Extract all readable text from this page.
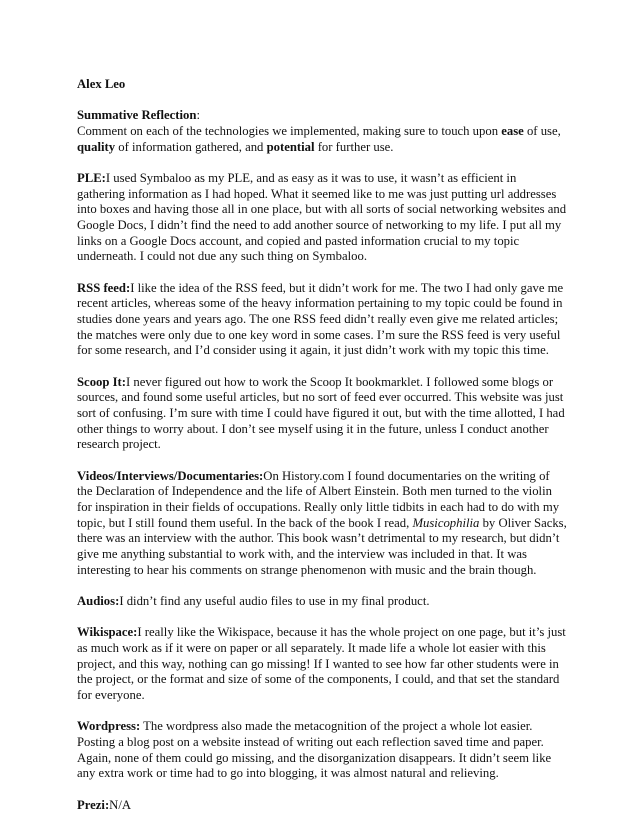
Alex Leo

Summative Reflection:
Comment on each of the technologies we implemented, making sure to touch upon ease of use, quality of information gathered, and potential for further use.

PLE:I used Symbaloo as my PLE, and as easy as it was to use, it wasn’t as efficient in gathering information as I had hoped. What it seemed like to me was just putting url addresses into boxes and having those all in one place, but with all sorts of social networking websites and Google Docs, I didn’t find the need to add another source of networking to my life. I put all my links on a Google Docs account, and copied and pasted information crucial to my topic underneath. I could not due any such thing on Symbaloo.

RSS feed:I like the idea of the RSS feed, but it didn’t work for me. The two I had only gave me recent articles, whereas some of the heavy information pertaining to my topic could be found in studies done years and years ago. The one RSS feed didn’t really even give me related articles; the matches were only due to one key word in some cases. I’m sure the RSS feed is very useful for some research, and I’d consider using it again, it just didn’t work with my topic this time.

Scoop It:I never figured out how to work the Scoop It bookmarklet. I followed some blogs or sources, and found some useful articles, but no sort of feed ever occurred. This website was just sort of confusing. I’m sure with time I could have figured it out, but with the time allotted, I had other things to worry about. I don’t see myself using it in the future, unless I conduct another research project.

Videos/Interviews/Documentaries:On History.com I found documentaries on the writing of the Declaration of Independence and the life of Albert Einstein. Both men turned to the violin for inspiration in their fields of occupations. Really only little tidbits in each had to do with my topic, but I still found them useful. In the back of the book I read, Musicophilia by Oliver Sacks, there was an interview with the author. This book wasn’t detrimental to my research, but didn’t give me anything substantial to work with, and the interview was included in that. It was interesting to hear his comments on strange phenomenon with music and the brain though.

Audios:I didn’t find any useful audio files to use in my final product.

Wikispace:I really like the Wikispace, because it has the whole project on one page, but it’s just as much work as if it were on paper or all separately. It made life a whole lot easier with this project, and this way, nothing can go missing! If I wanted to see how far other students were in the project, or the format and size of some of the components, I could, and that set the standard for everyone.

Wordpress: The wordpress also made the metacognition of the project a whole lot easier. Posting a blog post on a website instead of writing out each reflection saved time and paper. Again, none of them could go missing, and the disorganization disappears. It didn’t seem like any extra work or time had to go into blogging, it was almost natural and relieving.

Prezi:N/A
